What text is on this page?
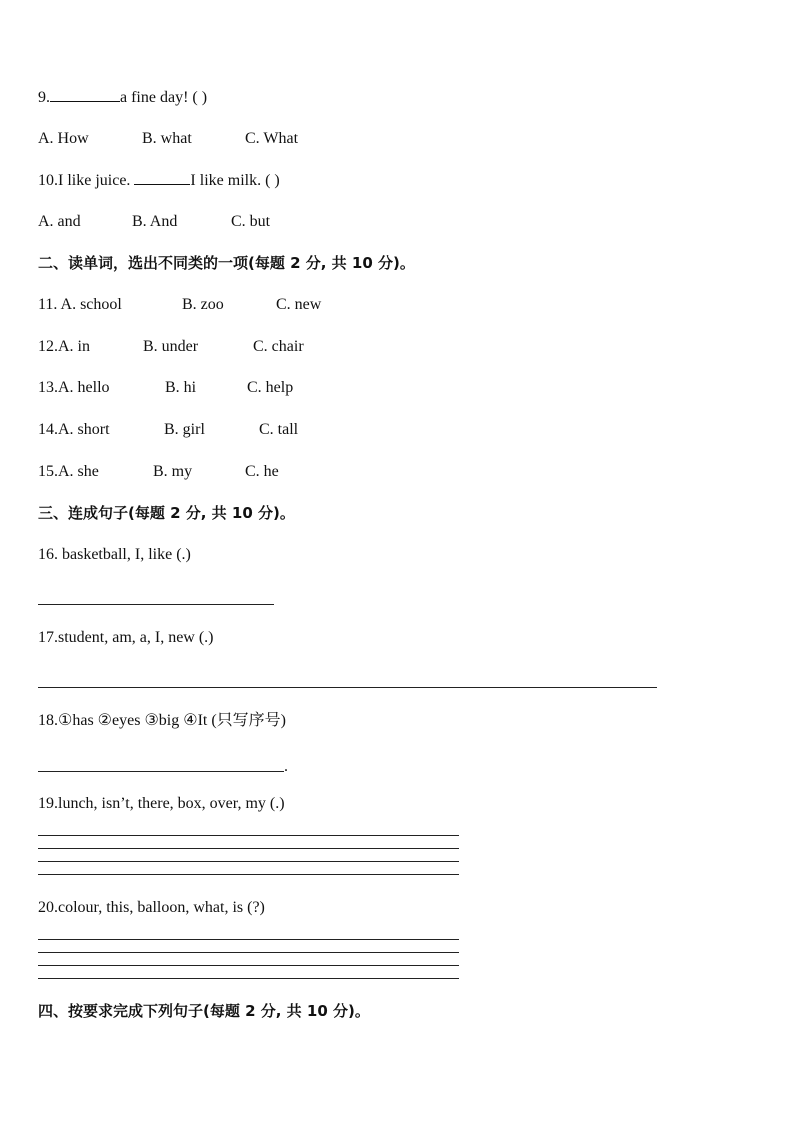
9.	a fine day! ( )
A. How	B. what	C. What
10.I like juice.	I like milk. ( )
A. and	B. And	C. but
二、读单词，选出不同类的一项(每题 2 分, 共 10 分)。
11. A. school	B. zoo	C. new
12.A. in	B. under	C. chair
13.A. hello	B. hi	C. help
14.A. short	B. girl	C. tall
15.A. she	B. my	C. he
三、连成句子(每题 2 分, 共 10 分)。
16. basketball, I, like (.)
17.student, am, a, I, new (.)
18.①has ②eyes ③big ④It (只写序号)
.
19.lunch, isn’t, there, box, over, my (.)
20.colour, this, balloon, what, is (?)
四、按要求完成下列句子(每题 2 分, 共 10 分)。
